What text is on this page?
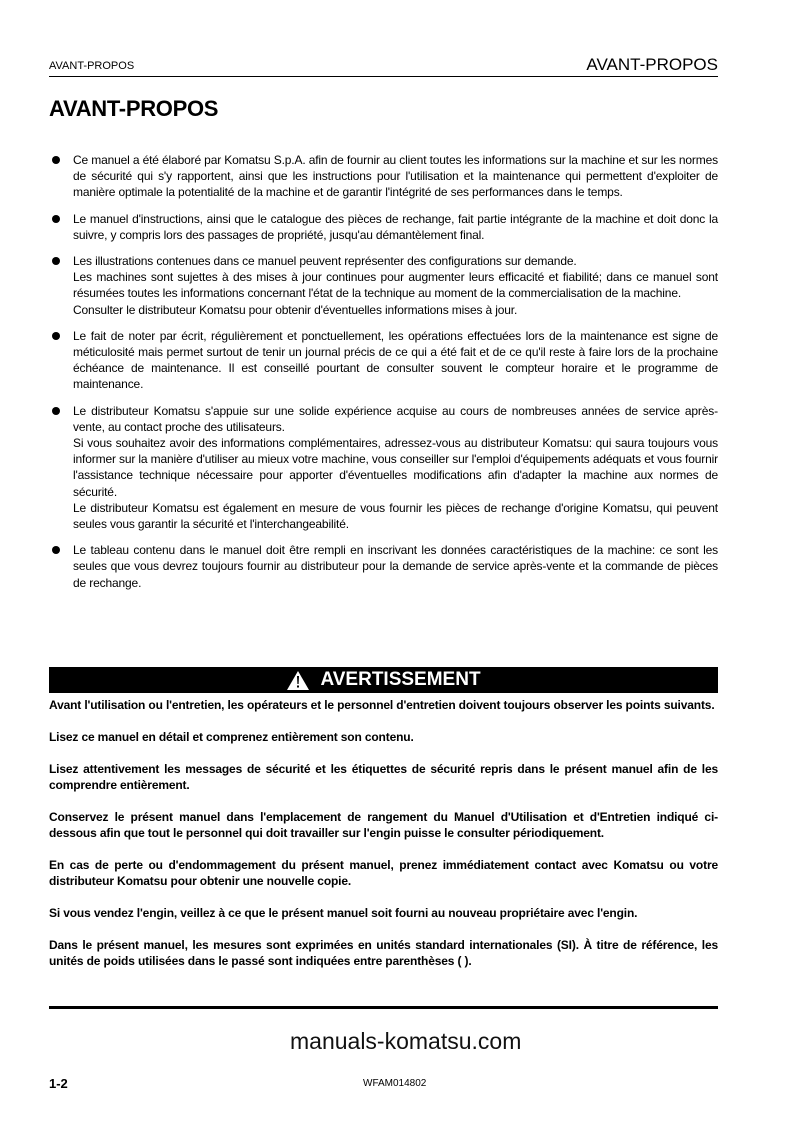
AVANT-PROPOS	AVANT-PROPOS
AVANT-PROPOS
Ce manuel a été élaboré par Komatsu S.p.A. afin de fournir au client toutes les informations sur la machine et sur les normes de sécurité qui s'y rapportent, ainsi que les instructions pour l'utilisation et la maintenance qui permettent d'exploiter de manière optimale la potentialité de la machine et de garantir l'intégrité de ses performances dans le temps.
Le manuel d'instructions, ainsi que le catalogue des pièces de rechange, fait partie intégrante de la machine et doit donc la suivre, y compris lors des passages de propriété, jusqu'au démantèlement final.
Les illustrations contenues dans ce manuel peuvent représenter des configurations sur demande.
Les machines sont sujettes à des mises à jour continues pour augmenter leurs efficacité et fiabilité; dans ce manuel sont résumées toutes les informations concernant l'état de la technique au moment de la commercialisation de la machine.
Consulter le distributeur Komatsu pour obtenir d'éventuelles informations mises à jour.
Le fait de noter par écrit, régulièrement et ponctuellement, les opérations effectuées lors de la maintenance est signe de méticulosité mais permet surtout de tenir un journal précis de ce qui a été fait et de ce qu'il reste à faire lors de la prochaine échéance de maintenance. Il est conseillé pourtant de consulter souvent le compteur horaire et le programme de maintenance.
Le distributeur Komatsu s'appuie sur une solide expérience acquise au cours de nombreuses années de service après-vente, au contact proche des utilisateurs.
Si vous souhaitez avoir des informations complémentaires, adressez-vous au distributeur Komatsu: qui saura toujours vous informer sur la manière d'utiliser au mieux votre machine, vous conseiller sur l'emploi d'équipements adéquats et vous fournir l'assistance technique nécessaire pour apporter d'éventuelles modifications afin d'adapter la machine aux normes de sécurité.
Le distributeur Komatsu est également en mesure de vous fournir les pièces de rechange d'origine Komatsu, qui peuvent seules vous garantir la sécurité et l'interchangeabilité.
Le tableau contenu dans le manuel doit être rempli en inscrivant les données caractéristiques de la machine: ce sont les seules que vous devrez toujours fournir au distributeur pour la demande de service après-vente et la commande de pièces de rechange.
AVERTISSEMENT

Avant l'utilisation ou l'entretien, les opérateurs et le personnel d'entretien doivent toujours observer les points suivants.

Lisez ce manuel en détail et comprenez entièrement son contenu.

Lisez attentivement les messages de sécurité et les étiquettes de sécurité repris dans le présent manuel afin de les comprendre entièrement.

Conservez le présent manuel dans l'emplacement de rangement du Manuel d'Utilisation et d'Entretien indiqué ci-dessous afin que tout le personnel qui doit travailler sur l'engin puisse le consulter périodiquement.

En cas de perte ou d'endommagement du présent manuel, prenez immédiatement contact avec Komatsu ou votre distributeur Komatsu pour obtenir une nouvelle copie.

Si vous vendez l'engin, veillez à ce que le présent manuel soit fourni au nouveau propriétaire avec l'engin.

Dans le présent manuel, les mesures sont exprimées en unités standard internationales (SI). À titre de référence, les unités de poids utilisées dans le passé sont indiquées entre parenthèses ( ).

manuals-komatsu.com
1-2	WFAM014802
